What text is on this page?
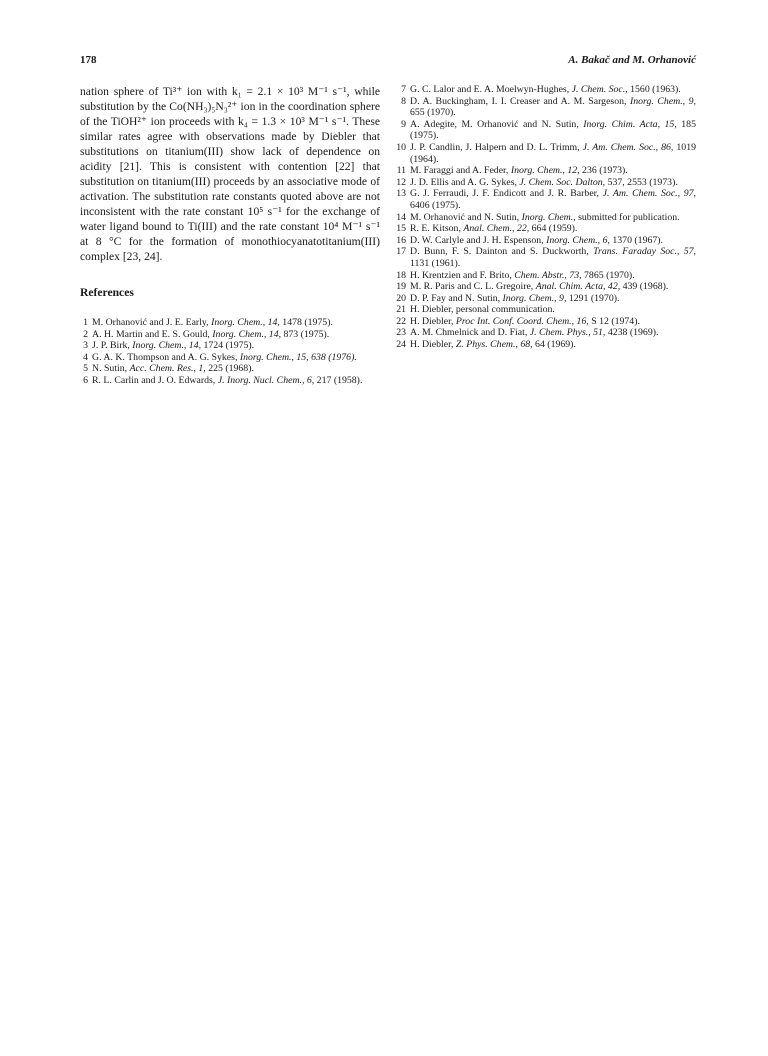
178	A. Bakač and M. Orhanović

nation sphere of Ti³⁺ ion with k₁ = 2.1 × 10³ M⁻¹ s⁻¹, while substitution by the Co(NH₃)₅N₃²⁺ ion in the coordination sphere of the TiOH²⁺ ion proceeds with k₄ = 1.3 × 10³ M⁻¹ s⁻¹. These similar rates agree with observations made by Diebler that substitutions on titanium(III) show lack of dependence on acidity [21]. This is consistent with contention [22] that substitution on titanium(III) proceeds by an associative mode of activation. The substitution rate constants quoted above are not inconsistent with the rate constant 10⁵ s⁻¹ for the exchange of water ligand bound to Ti(III) and the rate constant 10⁴ M⁻¹ s⁻¹ at 8 °C for the formation of monothiocyanatotitanium(III) complex [23, 24].

References
1 M. Orhanović and J. E. Early, Inorg. Chem., 14, 1478 (1975).
2 A. H. Martin and E. S. Gould, Inorg. Chem., 14, 873 (1975).
3 J. P. Birk, Inorg. Chem., 14, 1724 (1975).
4 G. A. K. Thompson and A. G. Sykes, Inorg. Chem., 15, 638 (1976).
5 N. Sutin, Acc. Chem. Res., 1, 225 (1968).
6 R. L. Carlin and J. O. Edwards, J. Inorg. Nucl. Chem., 6, 217 (1958).
7 G. C. Lalor and E. A. Moelwyn-Hughes, J. Chem. Soc., 1560 (1963).
8 D. A. Buckingham, I. I. Creaser and A. M. Sargeson, Inorg. Chem., 9, 655 (1970).
9 A. Adegite, M. Orhanović and N. Sutin, Inorg. Chim. Acta, 15, 185 (1975).
10 J. P. Candlin, J. Halpern and D. L. Trimm, J. Am. Chem. Soc., 86, 1019 (1964).
11 M. Faraggi and A. Feder, Inorg. Chem., 12, 236 (1973).
12 J. D. Ellis and A. G. Sykes, J. Chem. Soc. Dalton, 537, 2553 (1973).
13 G. J. Ferraudi, J. F. Endicott and J. R. Barber, J. Am. Chem. Soc., 97, 6406 (1975).
14 M. Orhanović and N. Sutin, Inorg. Chem., submitted for publication.
15 R. E. Kitson, Anal. Chem., 22, 664 (1959).
16 D. W. Carlyle and J. H. Espenson, Inorg. Chem., 6, 1370 (1967).
17 D. Bunn, F. S. Dainton and S. Duckworth, Trans. Faraday Soc., 57, 1131 (1961).
18 H. Krentzien and F. Brito, Chem. Abstr., 73, 7865 (1970).
19 M. R. Paris and C. L. Gregoire, Anal. Chim. Acta, 42, 439 (1968).
20 D. P. Fay and N. Sutin, Inorg. Chem., 9, 1291 (1970).
21 H. Diebler, personal communication.
22 H. Diebler, Proc Int. Conf. Coord. Chem., 16, S 12 (1974).
23 A. M. Chmelnick and D. Fiat, J. Chem. Phys., 51, 4238 (1969).
24 H. Diebler, Z. Phys. Chem., 68, 64 (1969).
